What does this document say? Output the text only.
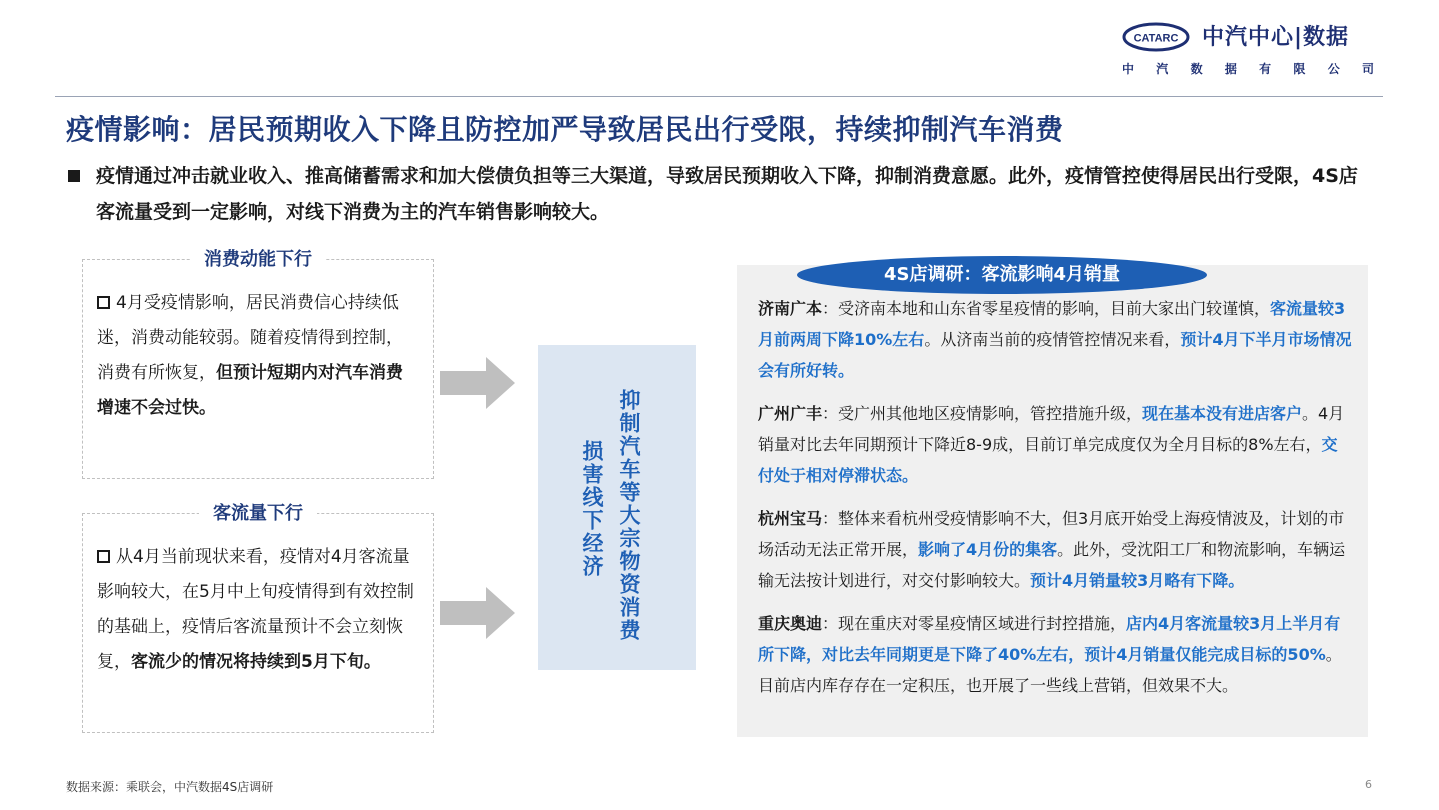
CATARC 中汽中心|数据
中 汽 数 据 有 限 公 司
疫情影响：居民预期收入下降且防控加严导致居民出行受限，持续抑制汽车消费
疫情通过冲击就业收入、推高储蓄需求和加大偿债负担等三大渠道，导致居民预期收入下降，抑制消费意愿。此外，疫情管控使得居民出行受限，4S店客流量受到一定影响，对线下消费为主的汽车销售影响较大。
消费动能下行
4月受疫情影响，居民消费信心持续低迷，消费动能较弱。随着疫情得到控制，消费有所恢复，但预计短期内对汽车消费增速不会过快。
客流量下行
从4月当前现状来看，疫情对4月客流量影响较大，在5月中上旬疫情得到有效控制的基础上，疫情后客流量预计不会立刻恢复，客流少的情况将持续到5月下旬。
抑制汽车等大宗物资消费
损害线下经济
4S店调研：客流影响4月销量
济南广本：受济南本地和山东省零星疫情的影响，目前大家出门较谨慎，客流量较3月前两周下降10%左右。从济南当前的疫情管控情况来看，预计4月下半月市场情况会有所好转。
广州广丰：受广州其他地区疫情影响，管控措施升级，现在基本没有进店客户。4月销量对比去年同期预计下降近8-9成，目前订单完成度仅为全月目标的8%左右，交付处于相对停滞状态。
杭州宝马：整体来看杭州受疫情影响不大，但3月底开始受上海疫情波及，计划的市场活动无法正常开展，影响了4月份的集客。此外，受沈阳工厂和物流影响，车辆运输无法按计划进行，对交付影响较大。预计4月销量较3月略有下降。
重庆奥迪：现在重庆对零星疫情区域进行封控措施，店内4月客流量较3月上半月有所下降，对比去年同期更是下降了40%左右，预计4月销量仅能完成目标的50%。目前店内库存存在一定积压，也开展了一些线上营销，但效果不大。
数据来源：乘联会，中汽数据4S店调研	6
